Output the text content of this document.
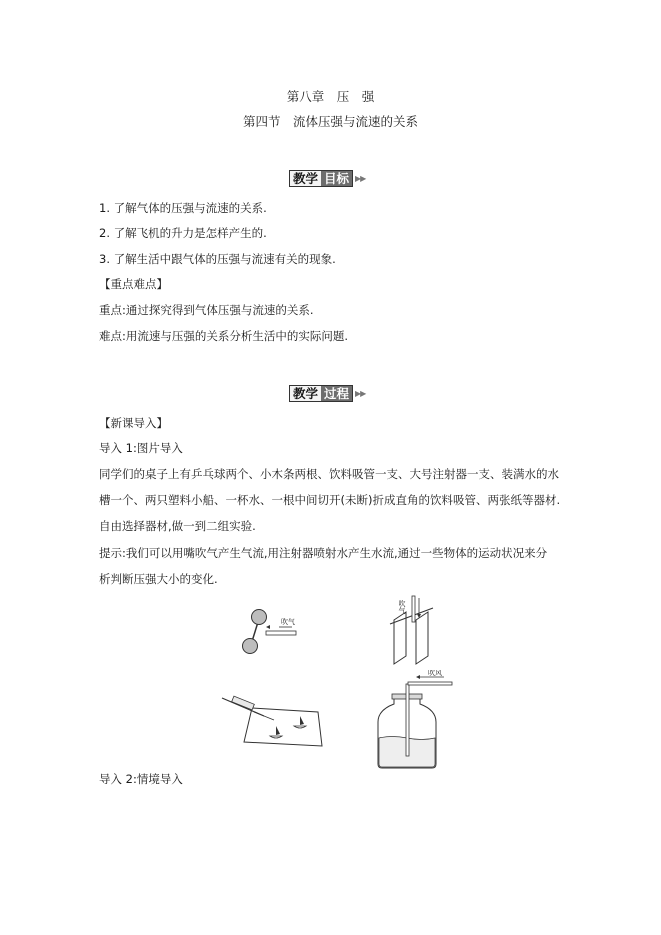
第八章　压　强
第四节　流体压强与流速的关系
教学 目标 ▶▶
1. 了解气体的压强与流速的关系.
2. 了解飞机的升力是怎样产生的.
3. 了解生活中跟气体的压强与流速有关的现象.
【重点难点】
重点:通过探究得到气体压强与流速的关系.
难点:用流速与压强的关系分析生活中的实际问题.
教学 过程 ▶▶
【新课导入】
导入 1:图片导入
同学们的桌子上有乒乓球两个、小木条两根、饮料吸管一支、大号注射器一支、装满水的水
槽一个、两只塑料小船、一杯水、一根中间切开(未断)折成直角的饮料吸管、两张纸等器材.
自由选择器材,做一到二组实验.
提示:我们可以用嘴吹气产生气流,用注射器喷射水产生水流,通过一些物体的运动状况来分
析判断压强大小的变化.
吹气
吹气
吹风
导入 2:情境导入
